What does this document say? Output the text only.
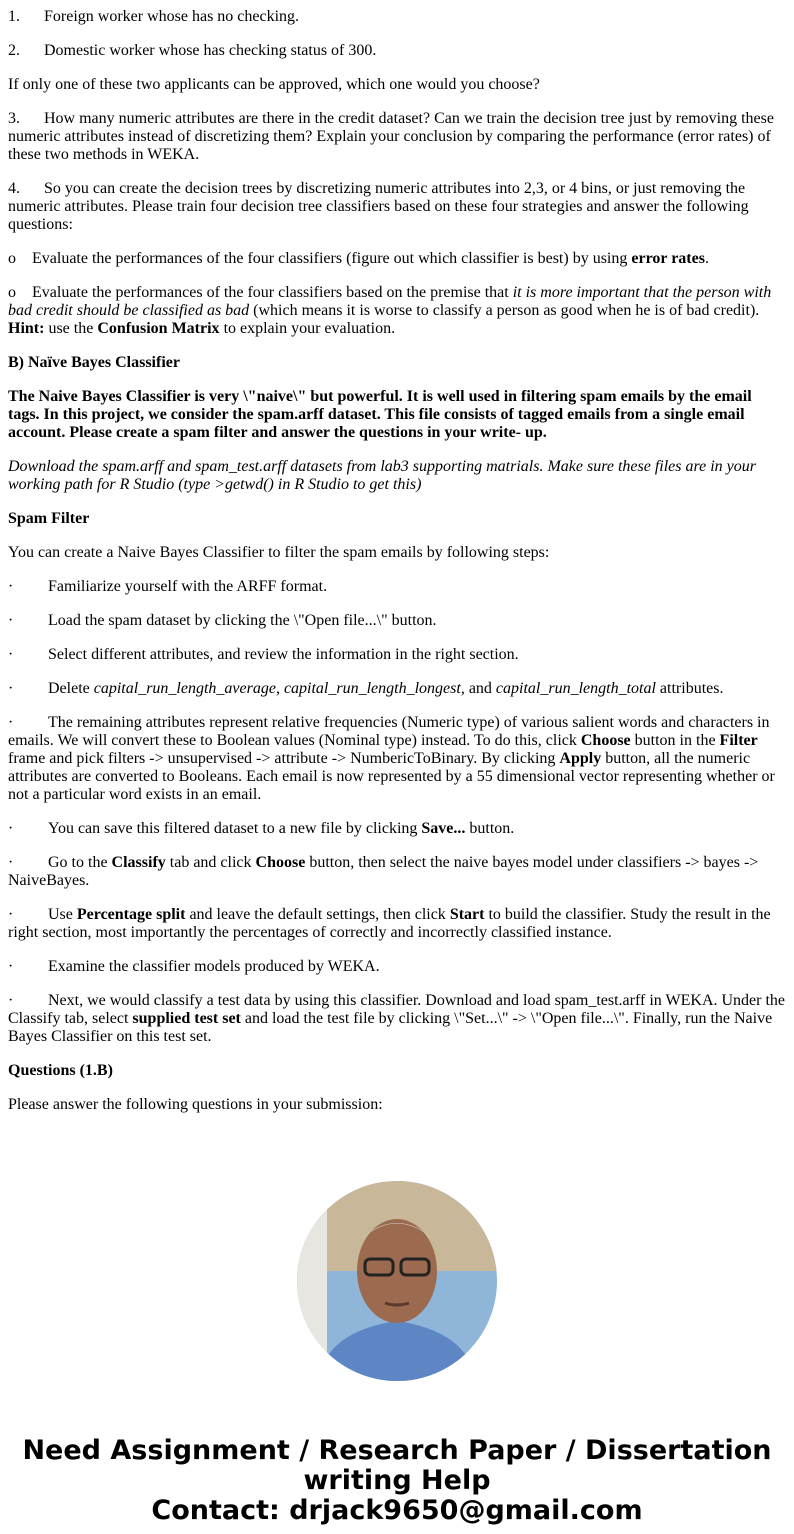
1. Foreign worker whose has no checking.

2. Domestic worker whose has checking status of 300.

If only one of these two applicants can be approved, which one would you choose?

3. How many numeric attributes are there in the credit dataset? Can we train the decision tree just by removing these numeric attributes instead of discretizing them? Explain your conclusion by comparing the performance (error rates) of these two methods in WEKA.

4. So you can create the decision trees by discretizing numeric attributes into 2,3, or 4 bins, or just removing the numeric attributes. Please train four decision tree classifiers based on these four strategies and answer the following questions:

o Evaluate the performances of the four classifiers (figure out which classifier is best) by using error rates.

o Evaluate the performances of the four classifiers based on the premise that it is more important that the person with bad credit should be classified as bad (which means it is worse to classify a person as good when he is of bad credit). Hint: use the Confusion Matrix to explain your evaluation.

B) Naïve Bayes Classifier

The Naive Bayes Classifier is very \"naive\" but powerful. It is well used in filtering spam emails by the email tags. In this project, we consider the spam.arff dataset. This file consists of tagged emails from a single email account. Please create a spam filter and answer the questions in your write- up.

Download the spam.arff and spam_test.arff datasets from lab3 supporting matrials. Make sure these files are in your working path for R Studio (type >getwd() in R Studio to get this)

Spam Filter

You can create a Naive Bayes Classifier to filter the spam emails by following steps:

· Familiarize yourself with the ARFF format.

· Load the spam dataset by clicking the \"Open file...\" button.

· Select different attributes, and review the information in the right section.

· Delete capital_run_length_average, capital_run_length_longest, and capital_run_length_total attributes.

· The remaining attributes represent relative frequencies (Numeric type) of various salient words and characters in emails. We will convert these to Boolean values (Nominal type) instead. To do this, click Choose button in the Filter frame and pick filters -> unsupervised -> attribute -> NumbericToBinary. By clicking Apply button, all the numeric attributes are converted to Booleans. Each email is now represented by a 55 dimensional vector representing whether or not a particular word exists in an email.

· You can save this filtered dataset to a new file by clicking Save... button.

· Go to the Classify tab and click Choose button, then select the naive bayes model under classifiers -> bayes -> NaiveBayes.

· Use Percentage split and leave the default settings, then click Start to build the classifier. Study the result in the right section, most importantly the percentages of correctly and incorrectly classified instance.

· Examine the classifier models produced by WEKA.

· Next, we would classify a test data by using this classifier. Download and load spam_test.arff in WEKA. Under the Classify tab, select supplied test set and load the test file by clicking \"Set...\" -> \"Open file...\". Finally, run the Naive Bayes Classifier on this test set.

Questions (1.B)

Please answer the following questions in your submission:

Need Assignment / Research Paper / Dissertation writing Help
Contact: drjack9650@gmail.com
